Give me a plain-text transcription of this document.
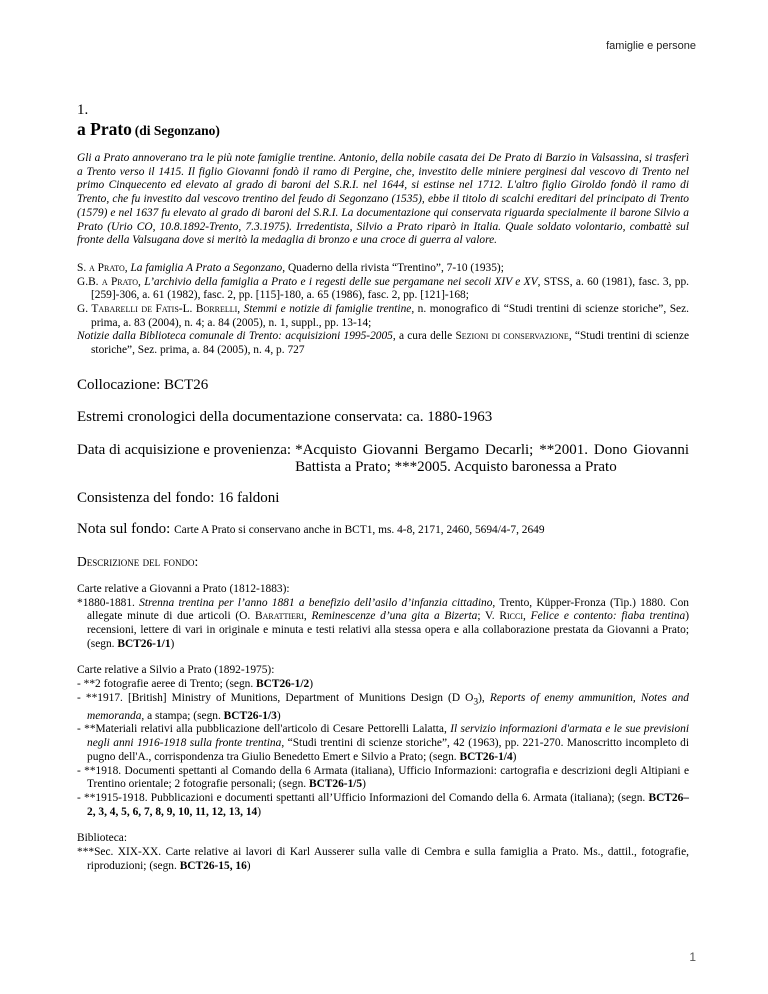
famiglie e persone

1.

a Prato (di Segonzano)

Gli a Prato annoverano tra le più note famiglie trentine. Antonio, della nobile casata dei De Prato di Barzio in Valsassina, si trasferì a Trento verso il 1415. Il figlio Giovanni fondò il ramo di Pergine, che, investito delle miniere perginesi dal vescovo di Trento nel primo Cinquecento ed elevato al grado di baroni del S.R.I. nel 1644, si estinse nel 1712. L'altro figlio Giroldo fondò il ramo di Trento, che fu investito dal vescovo trentino del feudo di Segonzano (1535), ebbe il titolo di scalchi ereditari del principato di Trento (1579) e nel 1637 fu elevato al grado di baroni del S.R.I. La documentazione qui conservata riguarda specialmente il barone Silvio a Prato (Urio CO, 10.8.1892-Trento, 7.3.1975). Irredentista, Silvio a Prato riparò in Italia. Quale soldato volontario, combattè sul fronte della Valsugana dove si meritò la medaglia di bronzo e una croce di guerra al valore.

S. a Prato, La famiglia A Prato a Segonzano, Quaderno della rivista “Trentino”, 7-10 (1935);

G.B. a Prato, L’archivio della famiglia a Prato e i regesti delle sue pergamane nei secoli XIV e XV, STSS, a. 60 (1981), fasc. 3, pp. [259]-306, a. 61 (1982), fasc. 2, pp. [115]-180, a. 65 (1986), fasc. 2, pp. [121]-168;

G. Tabarelli de Fatis-L. Borrelli, Stemmi e notizie di famiglie trentine, n. monografico di “Studi trentini di scienze storiche”, Sez. prima, a. 83 (2004), n. 4; a. 84 (2005), n. 1, suppl., pp. 13-14;

Notizie dalla Biblioteca comunale di Trento: acquisizioni 1995-2005, a cura delle Sezioni di conservazione, “Studi trentini di scienze storiche”, Sez. prima, a. 84 (2005), n. 4, p. 727

Collocazione: BCT26

Estremi cronologici della documentazione conservata: ca. 1880-1963

Data di acquisizione e provenienza: *Acquisto Giovanni Bergamo Decarli; **2001. Dono Giovanni Battista a Prato; ***2005. Acquisto baronessa a Prato

Consistenza del fondo: 16 faldoni

Nota sul fondo: Carte A Prato si conservano anche in BCT1, ms. 4-8, 2171, 2460, 5694/4-7, 2649

Descrizione del fondo:

Carte relative a Giovanni a Prato (1812-1883):

*1880-1881. Strenna trentina per l’anno 1881 a benefizio dell’asilo d’infanzia cittadino, Trento, Küpper-Fronza (Tip.) 1880. Con allegate minute di due articoli (O. Barattieri, Reminescenze d’una gita a Bizerta; V. Ricci, Felice e contento: fiaba trentina) recensioni, lettere di vari in originale e minuta e testi relativi alla stessa opera e alla collaborazione prestata da Giovanni a Prato; (segn. BCT26-1/1)

Carte relative a Silvio a Prato (1892-1975):

- **2 fotografie aeree di Trento; (segn. BCT26-1/2)

- **1917. [British] Ministry of Munitions, Department of Munitions Design (D $O_3$), Reports of enemy ammunition, Notes and memoranda, a stampa; (segn. BCT26-1/3)

- **Materiali relativi alla pubblicazione dell'articolo di Cesare Pettorelli Lalatta, Il servizio informazioni d'armata e le sue previsioni negli anni 1916-1918 sulla fronte trentina, “Studi trentini di scienze storiche”, 42 (1963), pp. 221-270. Manoscritto incompleto di pugno dell'A., corrispondenza tra Giulio Benedetto Emert e Silvio a Prato; (segn. BCT26-1/4)

- **1918. Documenti spettanti al Comando della 6 Armata (italiana), Ufficio Informazioni: cartografia e descrizioni degli Altipiani e Trentino orientale; 2 fotografie personali; (segn. BCT26-1/5)

- **1915-1918. Pubblicazioni e documenti spettanti all’Ufficio Informazioni del Comando della 6. Armata (italiana); (segn. BCT26–2, 3, 4, 5, 6, 7, 8, 9, 10, 11, 12, 13, 14)

Biblioteca:

***Sec. XIX-XX. Carte relative ai lavori di Karl Ausserer sulla valle di Cembra e sulla famiglia a Prato. Ms., dattil., fotografie, riproduzioni; (segn. BCT26-15, 16)

1
